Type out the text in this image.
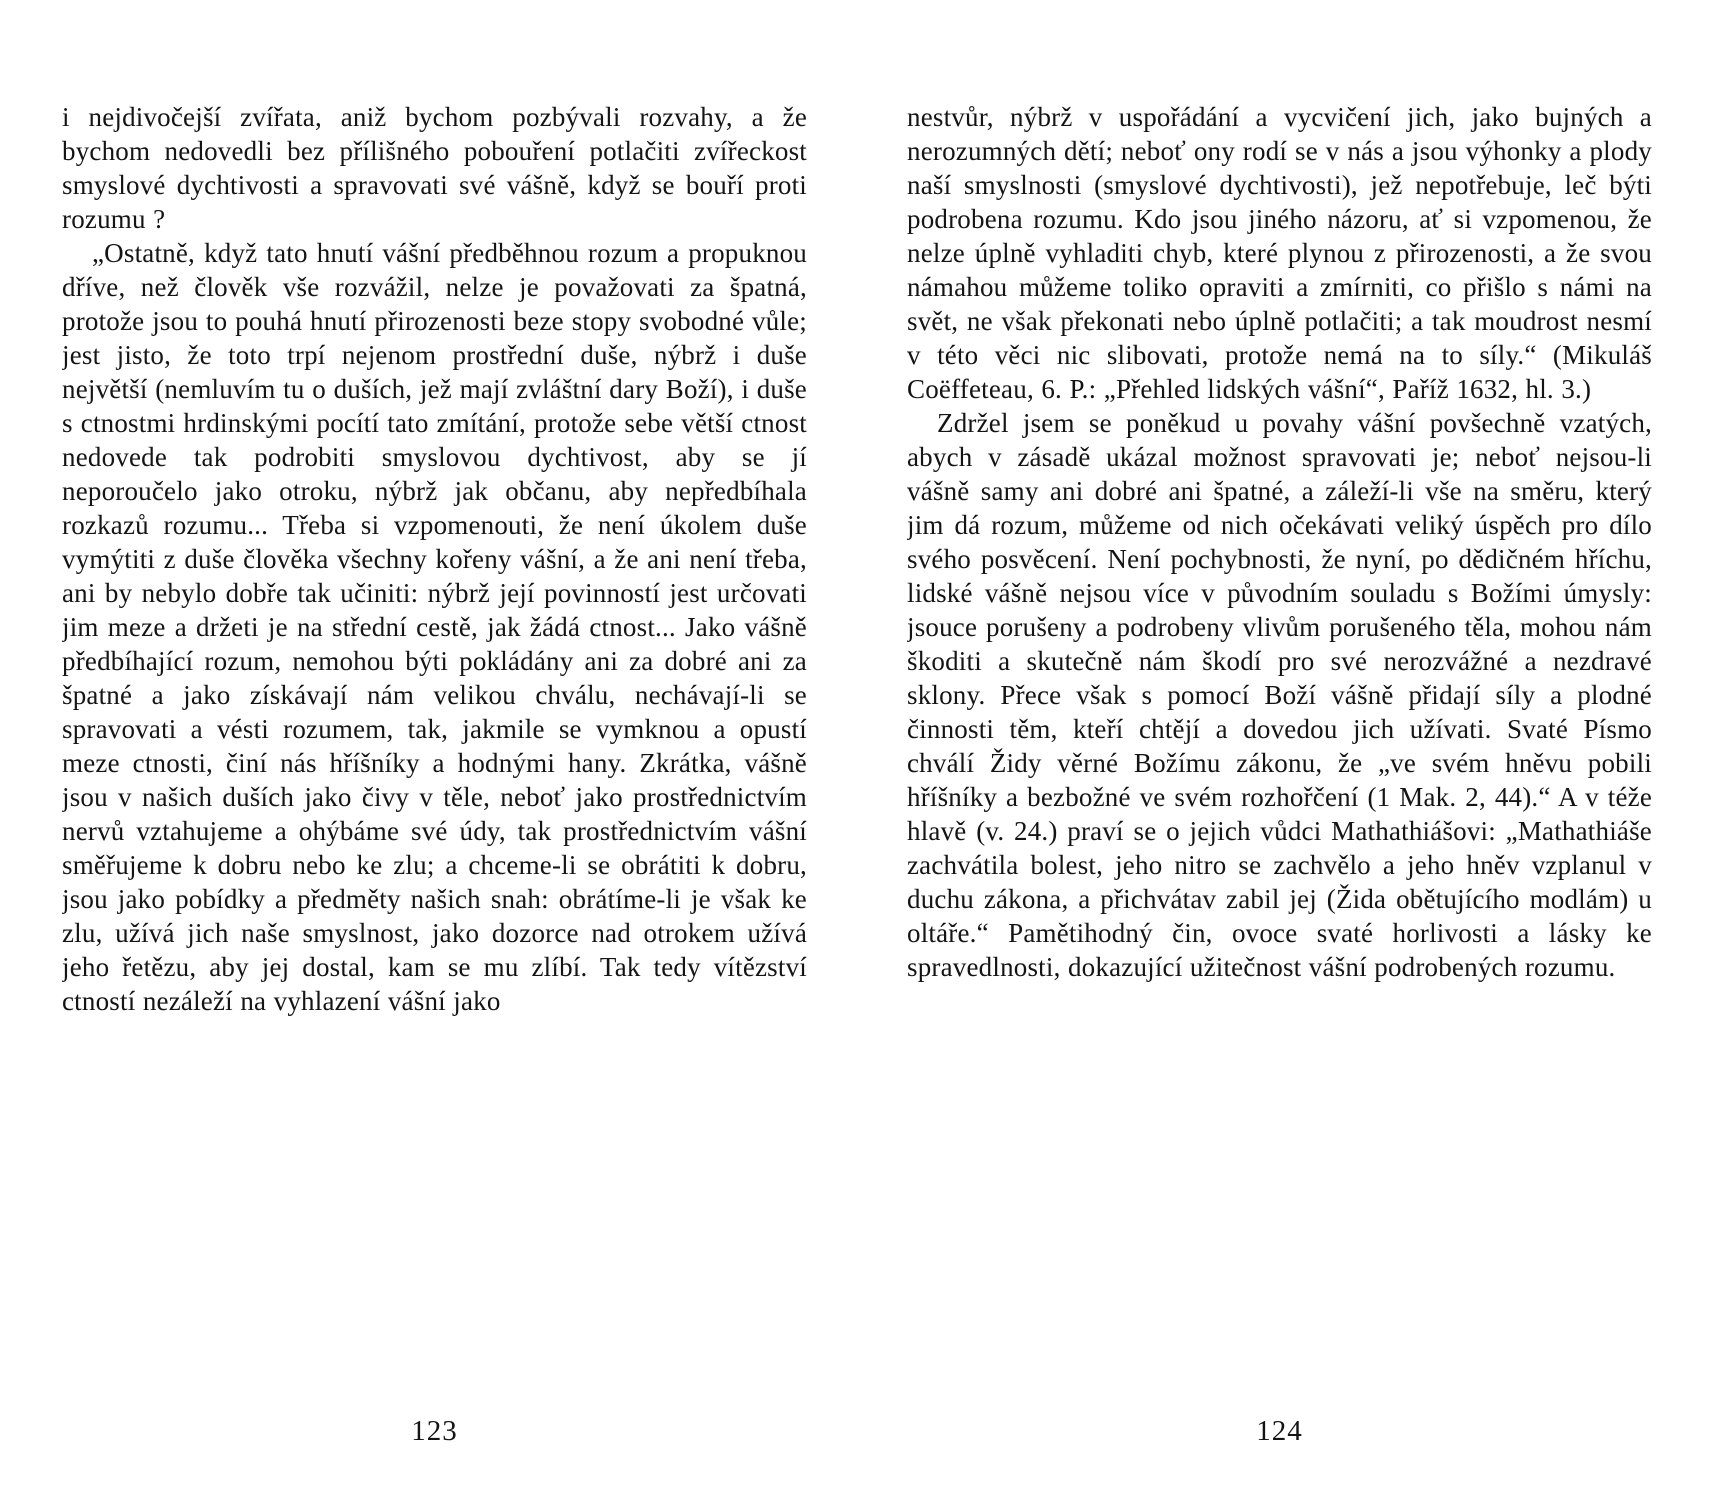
i nejdivočejší zvířata, aniž bychom pozbývali rozvahy, a že bychom nedovedli bez přílišného pobouření potlačiti zvířeckost smyslové dychtivosti a spravovati své vášně, když se bouří proti rozumu ?

„Ostatně, když tato hnutí vášní předběhnou rozum a propuknou dříve, než člověk vše rozvážil, nelze je považovati za špatná, protože jsou to pouhá hnutí přirozenosti beze stopy svobodné vůle; jest jisto, že toto trpí nejenom prostřední duše, nýbrž i duše největší (nemluvím tu o duších, jež mají zvláštní dary Boží), i duše s ctnostmi hrdinskými pocítí tato zmítání, protože sebe větší ctnost nedovede tak podrobiti smyslovou dychtivost, aby se jí neporoučelo jako otroku, nýbrž jak občanu, aby nepředbíhala rozkazů rozumu... Třeba si vzpomenouti, že není úkolem duše vymýtiti z duše člověka všechny kořeny vášní, a že ani není třeba, ani by nebylo dobře tak učiniti: nýbrž její povinností jest určovati jim meze a držeti je na střední cestě, jak žádá ctnost... Jako vášně předbíhající rozum, nemohou býti pokládány ani za dobré ani za špatné a jako získávají nám velikou chválu, nechávají-li se spravovati a vésti rozumem, tak, jakmile se vymknou a opustí meze ctnosti, činí nás hříšníky a hodnými hany. Zkrátka, vášně jsou v našich duších jako čivy v těle, neboť jako prostřednictvím nervů vztahujeme a ohýbáme své údy, tak prostřednictvím vášní směřujeme k dobru nebo ke zlu; a chceme-li se obrátiti k dobru, jsou jako pobídky a předměty našich snah: obrátíme-li je však ke zlu, užívá jich naše smyslnost, jako dozorce nad otrokem užívá jeho řetězu, aby jej dostal, kam se mu zlíbí. Tak tedy vítězství ctností nezáleží na vyhlazení vášní jako

123

nestvůr, nýbrž v uspořádání a vycvičení jich, jako bujných a nerozumných dětí; neboť ony rodí se v nás a jsou výhonky a plody naší smyslnosti (smyslové dychtivosti), jež nepotřebuje, leč býti podrobena rozumu. Kdo jsou jiného názoru, ať si vzpomenou, že nelze úplně vyhladiti chyb, které plynou z přirozenosti, a že svou námahou můžeme toliko opraviti a zmírniti, co přišlo s námi na svět, ne však překonati nebo úplně potlačiti; a tak moudrost nesmí v této věci nic slibovati, protože nemá na to síly.“ (Mikuláš Coëffeteau, 6. P.: „Přehled lidských vášní“, Paříž 1632, hl. 3.)

Zdržel jsem se poněkud u povahy vášní povšechně vzatých, abych v zásadě ukázal možnost spravovati je; neboť nejsou-li vášně samy ani dobré ani špatné, a záleží-li vše na směru, který jim dá rozum, můžeme od nich očekávati veliký úspěch pro dílo svého posvěcení. Není pochybnosti, že nyní, po dědičném hříchu, lidské vášně nejsou více v původním souladu s Božími úmysly: jsouce porušeny a podrobeny vlivům porušeného těla, mohou nám škoditi a skutečně nám škodí pro své nerozvážné a nezdravé sklony. Přece však s pomocí Boží vášně přidají síly a plodné činnosti těm, kteří chtějí a dovedou jich užívati. Svaté Písmo chválí Židy věrné Božímu zákonu, že „ve svém hněvu pobili hříšníky a bezbožné ve svém rozhořčení (1 Mak. 2, 44).“ A v téže hlavě (v. 24.) praví se o jejich vůdci Mathathiášovi: „Mathathiáše zachvátila bolest, jeho nitro se zachvělo a jeho hněv vzplanul v duchu zákona, a přichvátav zabil jej (Žida obětujícího modlám) u oltáře.“ Pamětihodný čin, ovoce svaté horlivosti a lásky ke spravedlnosti, dokazující užitečnost vášní podrobených rozumu.

124
